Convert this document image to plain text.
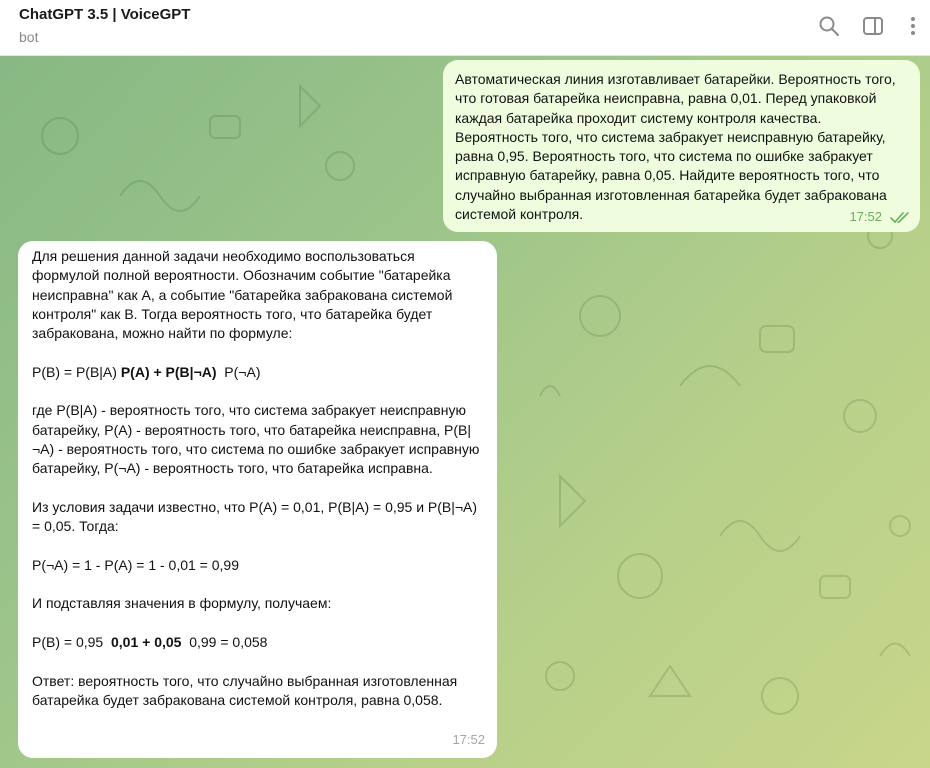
ChatGPT 3.5 | VoiceGPT
bot
Автоматическая линия изготавливает батарейки. Вероятность того, что готовая батарейка неисправна, равна 0,01. Перед упаковкой каждая батарейка проходит систему контроля качества. Вероятность того, что система забракует неисправную батарейку, равна 0,95. Вероятность того, что система по ошибке забракует исправную батарейку, равна 0,05. Найдите вероятность того, что случайно выбранная изготовленная батарейка будет забракована системой контроля.	17:52
Для решения данной задачи необходимо воспользоваться формулой полной вероятности. Обозначим событие "батарейка неисправна" как A, а событие "батарейка забракована системой контроля" как B. Тогда вероятность того, что батарейка будет забракована, можно найти по формуле:
P(B) = P(B|A) P(A) + P(B|¬A)  P(¬A)
где P(B|A) - вероятность того, что система забракует неисправную батарейку, P(A) - вероятность того, что батарейка неисправна, P(B|¬A) - вероятность того, что система по ошибке забракует исправную батарейку, P(¬A) - вероятность того, что батарейка исправна.
Из условия задачи известно, что P(A) = 0,01, P(B|A) = 0,95 и P(B|¬A) = 0,05. Тогда:
P(¬A) = 1 - P(A) = 1 - 0,01 = 0,99
И подставляя значения в формулу, получаем:
P(B) = 0,95  0,01 + 0,05  0,99 = 0,058
Ответ: вероятность того, что случайно выбранная изготовленная батарейка будет забракована системой контроля, равна 0,058.
17:52
